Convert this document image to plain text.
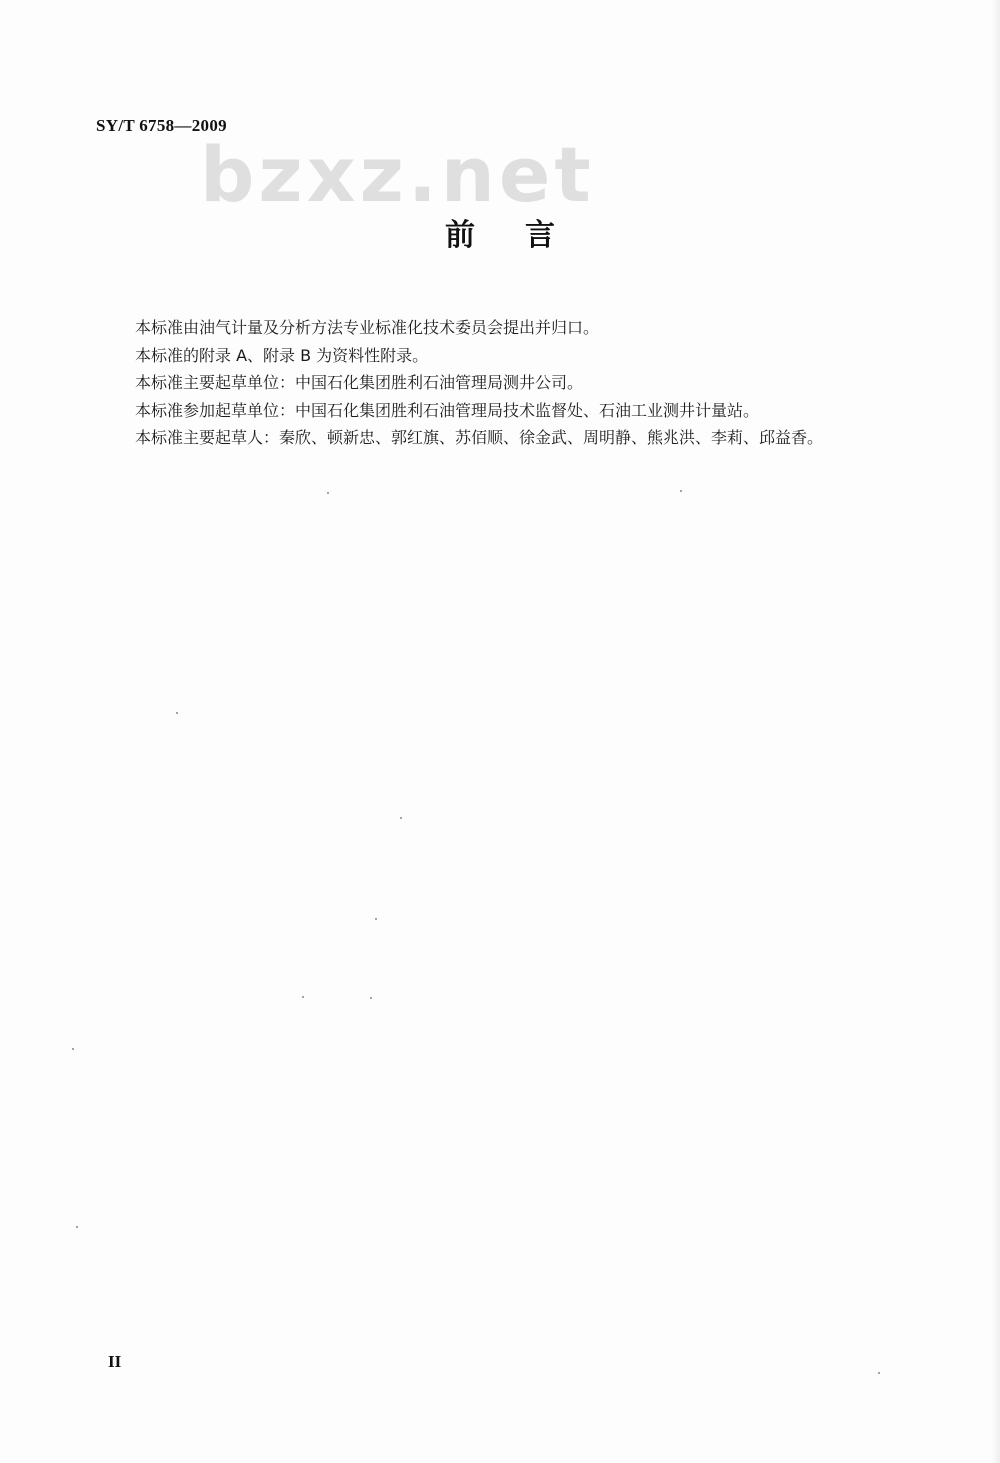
SY/T 6758—2009
bzxz.net
前言
本标准由油气计量及分析方法专业标准化技术委员会提出并归口。
本标准的附录 A、附录 B 为资料性附录。
本标准主要起草单位：中国石化集团胜利石油管理局测井公司。
本标准参加起草单位：中国石化集团胜利石油管理局技术监督处、石油工业测井计量站。
本标准主要起草人：秦欣、顿新忠、郭红旗、苏佰顺、徐金武、周明静、熊兆洪、李莉、邱益香。
II
